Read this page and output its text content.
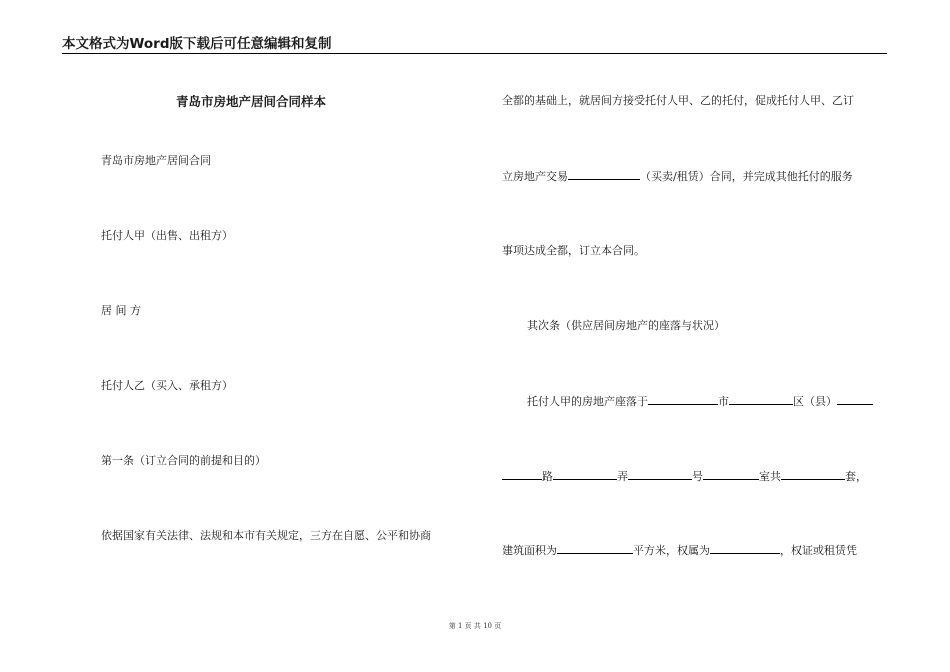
本文格式为Word版下载后可任意编辑和复制
青岛市房地产居间合同样本
青岛市房地产居间合同
托付人甲（出售、出租方）
居 间 方
托付人乙（买入、承租方）
第一条（订立合同的前提和目的）
依据国家有关法律、法规和本市有关规定，三方在自愿、公平和协商
全都的基础上，就居间方接受托付人甲、乙的托付，促成托付人甲、乙订
立房地产交易	（买卖/租赁）合同，并完成其他托付的服务
事项达成全都，订立本合同。
其次条（供应居间房地产的座落与状况）
托付人甲的房地产座落于	市	区（县）
路	弄	号	室共	套，
建筑面积为	平方米，权属为	，权证或租赁凭
第 1 页 共 10 页
